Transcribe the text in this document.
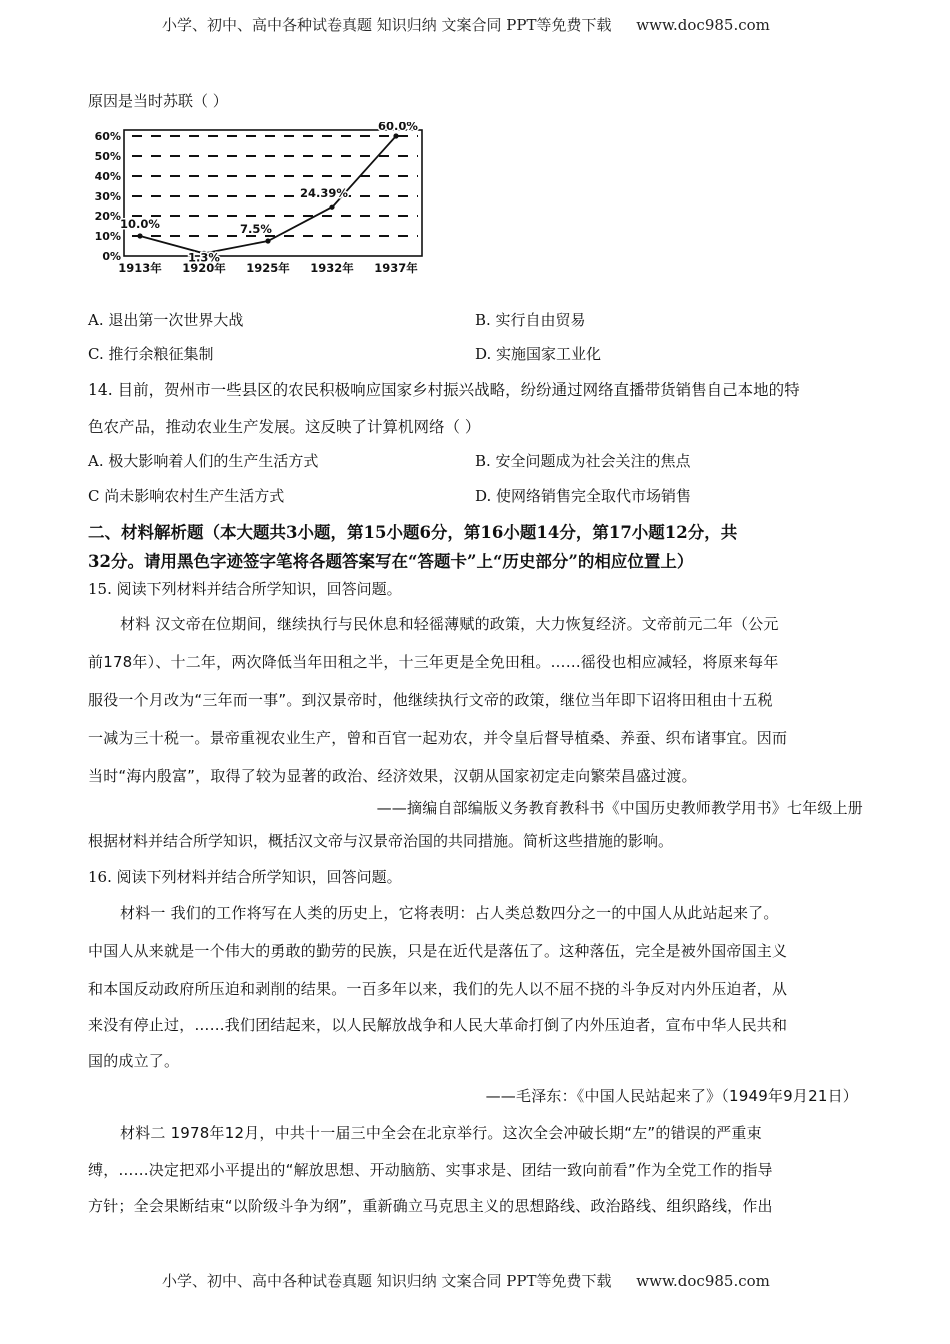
小学、初中、高中各种试卷真题 知识归纳 文案合同 PPT等免费下载 www.doc985.com
原因是当时苏联（ ）
0%
10%
20%
30%
40%
50%
60%
1913年 1920年 1925年 1932年 1937年
10.0%
1.3%
7.5%
24.39%
60.0%
A. 退出第一次世界大战	B. 实行自由贸易
C. 推行余粮征集制	D. 实施国家工业化
14. 目前，贺州市一些县区的农民积极响应国家乡村振兴战略，纷纷通过网络直播带货销售自己本地的特
色农产品，推动农业生产发展。这反映了计算机网络（ ）
A. 极大影响着人们的生产生活方式	B. 安全问题成为社会关注的焦点
C 尚未影响农村生产生活方式	D. 使网络销售完全取代市场销售
二、材料解析题（本大题共3小题，第15小题6分，第16小题14分，第17小题12分，共
32分。请用黑色字迹签字笔将各题答案写在“答题卡”上“历史部分”的相应位置上）
15. 阅读下列材料并结合所学知识，回答问题。
材料 汉文帝在位期间，继续执行与民休息和轻徭薄赋的政策，大力恢复经济。文帝前元二年（公元
前178年）、十二年，两次降低当年田租之半，十三年更是全免田租。……徭役也相应减轻，将原来每年
服役一个月改为“三年而一事”。到汉景帝时，他继续执行文帝的政策，继位当年即下诏将田租由十五税
一减为三十税一。景帝重视农业生产，曾和百官一起劝农，并令皇后督导植桑、养蚕、织布诸事宜。因而
当时“海内殷富”，取得了较为显著的政治、经济效果，汉朝从国家初定走向繁荣昌盛过渡。
——摘编自部编版义务教育教科书《中国历史教师教学用书》七年级上册
根据材料并结合所学知识，概括汉文帝与汉景帝治国的共同措施。简析这些措施的影响。
16. 阅读下列材料并结合所学知识，回答问题。
材料一 我们的工作将写在人类的历史上，它将表明：占人类总数四分之一的中国人从此站起来了。
中国人从来就是一个伟大的勇敢的勤劳的民族，只是在近代是落伍了。这种落伍，完全是被外国帝国主义
和本国反动政府所压迫和剥削的结果。一百多年以来，我们的先人以不屈不挠的斗争反对内外压迫者，从
来没有停止过，……我们团结起来，以人民解放战争和人民大革命打倒了内外压迫者，宣布中华人民共和
国的成立了。
——毛泽东：《中国人民站起来了》（1949年9月21日）
材料二 1978年12月，中共十一届三中全会在北京举行。这次全会冲破长期“左”的错误的严重束
缚，……决定把邓小平提出的“解放思想、开动脑筋、实事求是、团结一致向前看”作为全党工作的指导
方针；全会果断结束“以阶级斗争为纲”，重新确立马克思主义的思想路线、政治路线、组织路线，作出
小学、初中、高中各种试卷真题 知识归纳 文案合同 PPT等免费下载 www.doc985.com
